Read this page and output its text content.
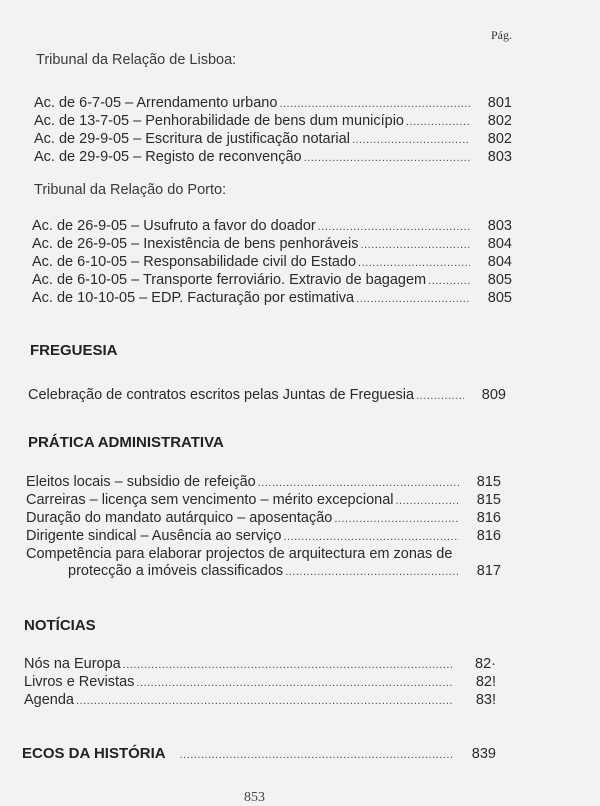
Pág.
Tribunal da Relação de Lisboa:
Ac. de 6-7-05 – Arrendamento urbano .....	801
Ac. de 13-7-05 – Penhorabilidade de bens dum município .....	802
Ac. de 29-9-05 – Escritura de justificação notarial .....	802
Ac. de 29-9-05 – Registo de reconvenção .....	803
Tribunal da Relação do Porto:
Ac. de 26-9-05 – Usufruto a favor do doador .....	803
Ac. de 26-9-05 – Inexistência de bens penhoráveis .....	804
Ac. de 6-10-05 – Responsabilidade civil do Estado .....	804
Ac. de 6-10-05 – Transporte ferroviário. Extravio de bagagem .....	805
Ac. de 10-10-05 – EDP. Facturação por estimativa .....	805
FREGUESIA
Celebração de contratos escritos pelas Juntas de Freguesia .....	809
PRÁTICA ADMINISTRATIVA
Eleitos locais – subsidio de refeição .....	815
Carreiras – licença sem vencimento – mérito excepcional .....	815
Duração do mandato autárquico – aposentação .....	816
Dirigente sindical – Ausência ao serviço .....	816
Competência para elaborar projectos de arquitectura em zonas de
protecção a imóveis classificados .....	817
NOTÍCIAS
Nós na Europa .....	82·
Livros e Revistas .....	82!
Agenda .....	83!
ECOS DA HISTÓRIA .....	839
853
